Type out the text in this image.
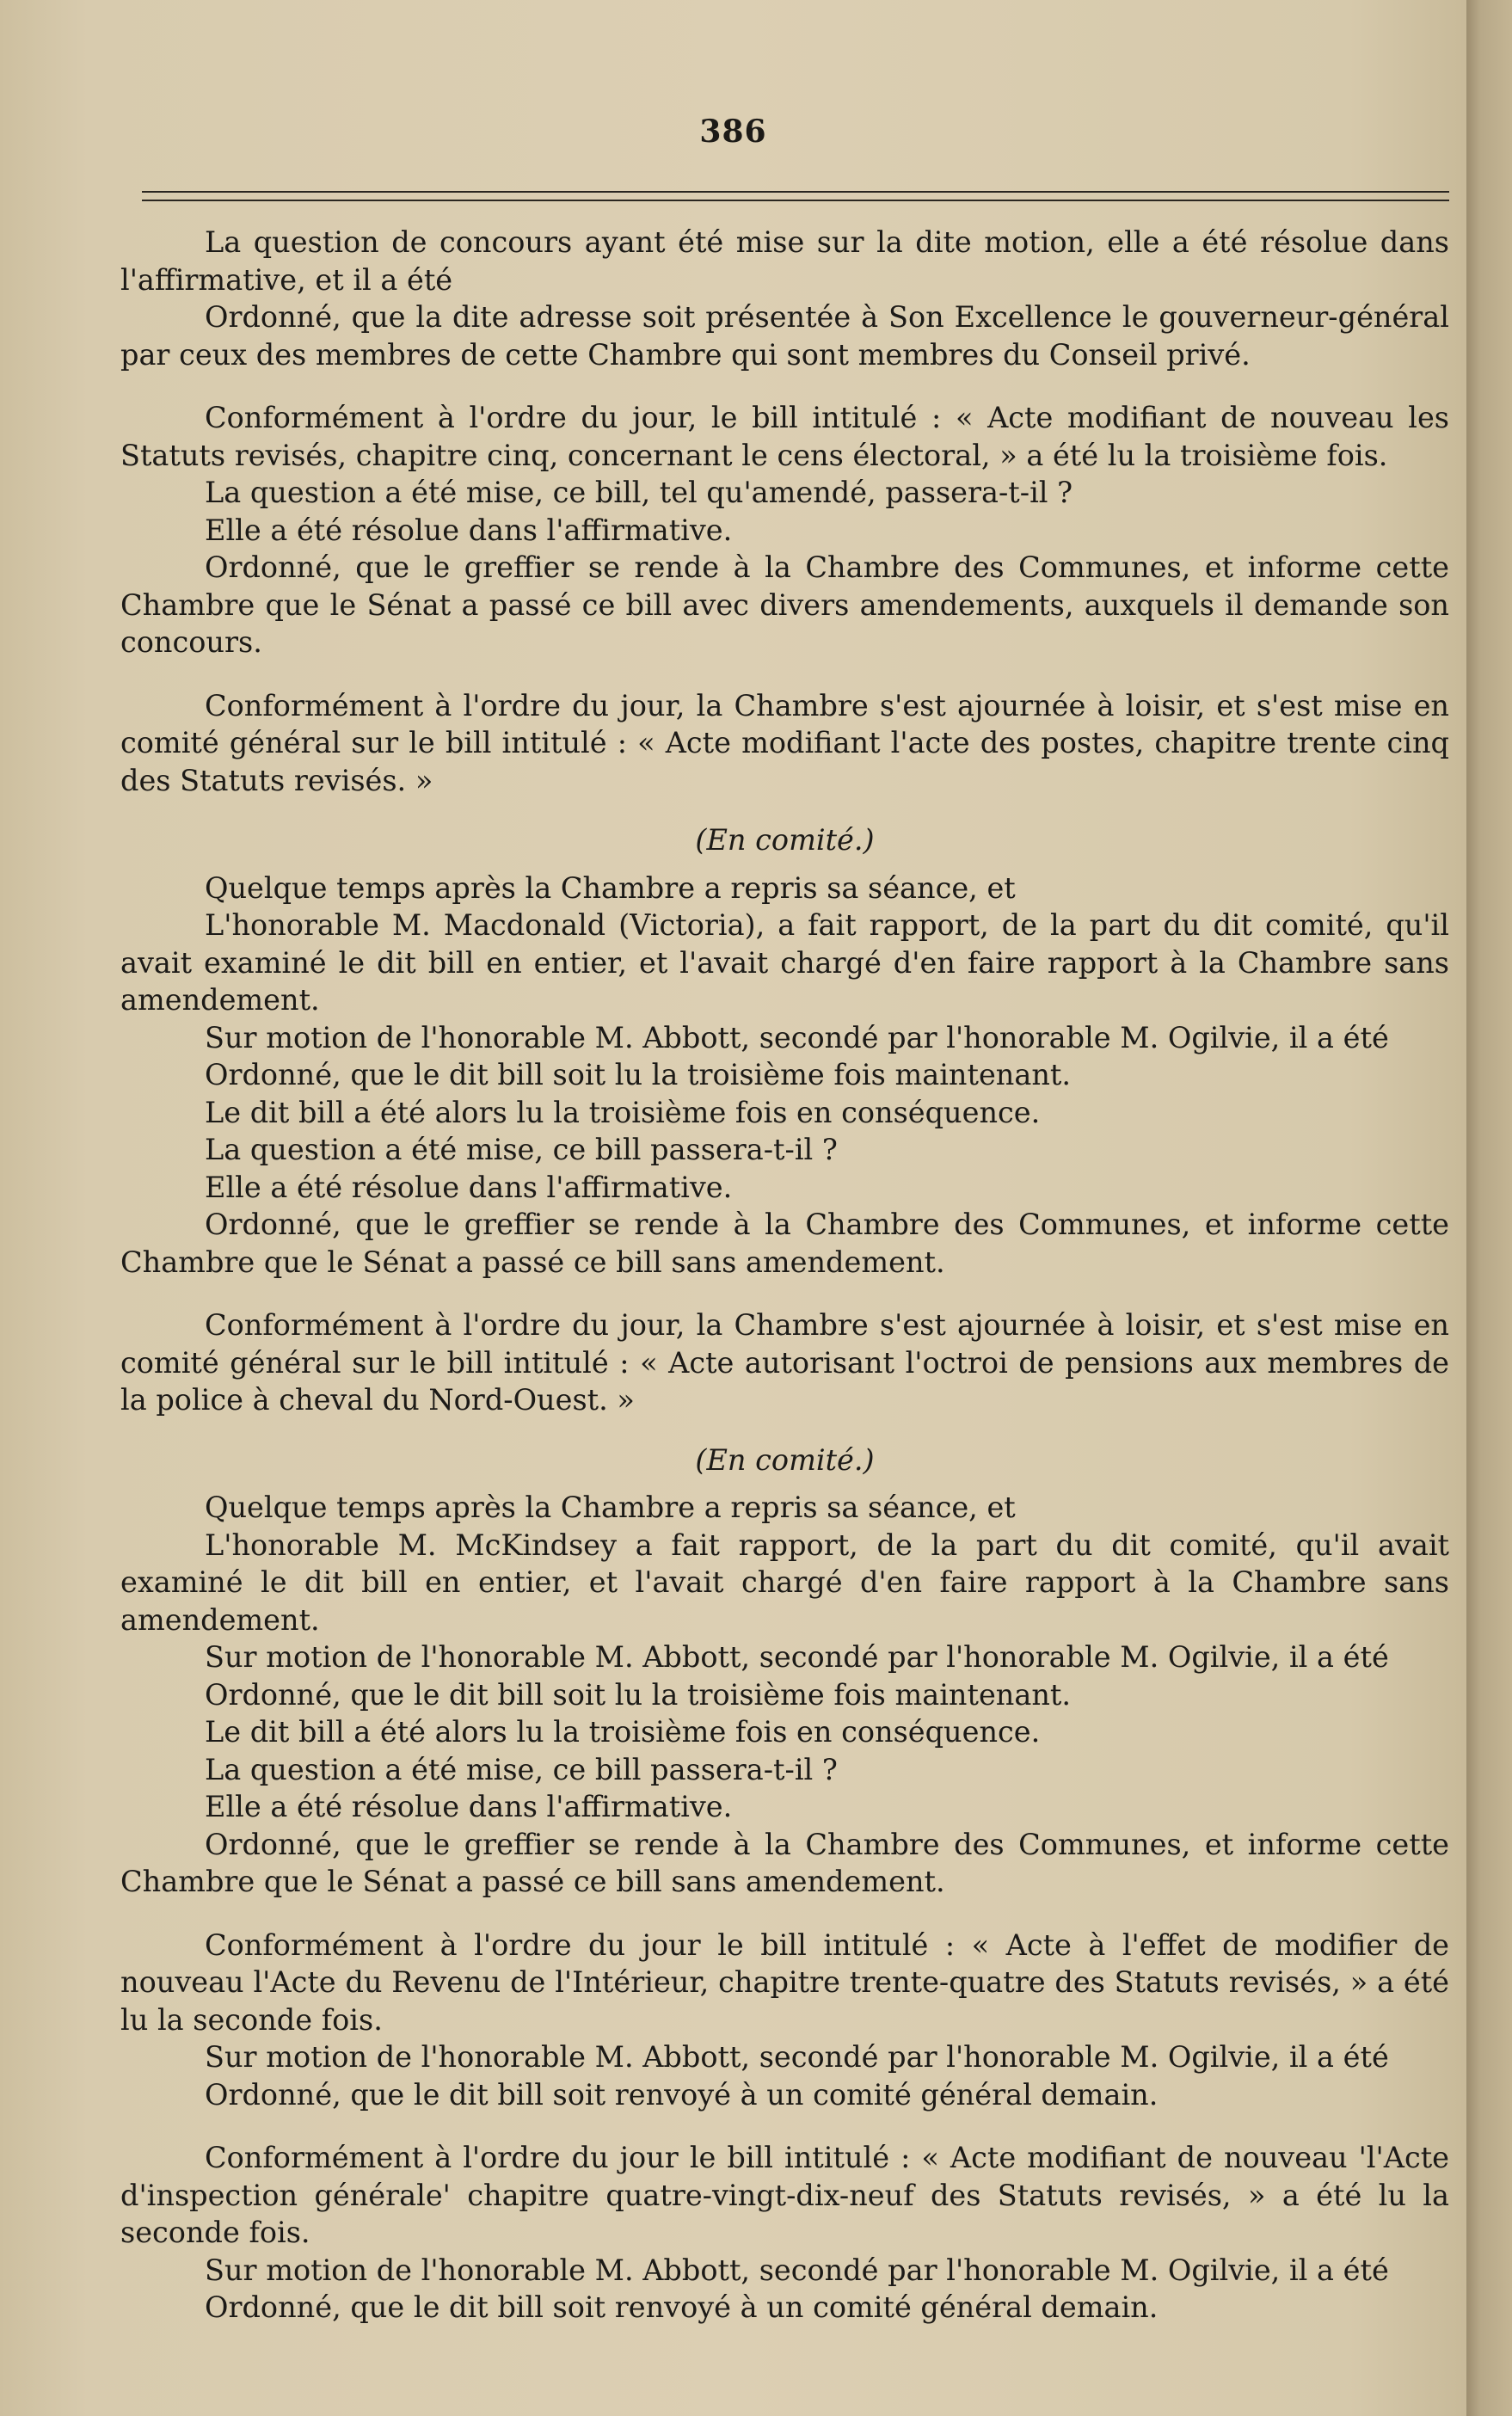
386

La question de concours ayant été mise sur la dite motion, elle a été résolue dans l'affirmative, et il a été

Ordonné, que la dite adresse soit présentée à Son Excellence le gouverneur-général par ceux des membres de cette Chambre qui sont membres du Conseil privé.

Conformément à l'ordre du jour, le bill intitulé : « Acte modifiant de nouveau les Statuts revisés, chapitre cinq, concernant le cens électoral, » a été lu la troisième fois.

La question a été mise, ce bill, tel qu'amendé, passera-t-il ?

Elle a été résolue dans l'affirmative.

Ordonné, que le greffier se rende à la Chambre des Communes, et informe cette Chambre que le Sénat a passé ce bill avec divers amendements, auxquels il demande son concours.

Conformément à l'ordre du jour, la Chambre s'est ajournée à loisir, et s'est mise en comité général sur le bill intitulé : « Acte modifiant l'acte des postes, chapitre trente cinq des Statuts revisés. »

(En comité.)

Quelque temps après la Chambre a repris sa séance, et

L'honorable M. Macdonald (Victoria), a fait rapport, de la part du dit comité, qu'il avait examiné le dit bill en entier, et l'avait chargé d'en faire rapport à la Chambre sans amendement.

Sur motion de l'honorable M. Abbott, secondé par l'honorable M. Ogilvie, il a été

Ordonné, que le dit bill soit lu la troisième fois maintenant.

Le dit bill a été alors lu la troisième fois en conséquence.

La question a été mise, ce bill passera-t-il ?

Elle a été résolue dans l'affirmative.

Ordonné, que le greffier se rende à la Chambre des Communes, et informe cette Chambre que le Sénat a passé ce bill sans amendement.

Conformément à l'ordre du jour, la Chambre s'est ajournée à loisir, et s'est mise en comité général sur le bill intitulé : « Acte autorisant l'octroi de pensions aux membres de la police à cheval du Nord-Ouest. »

(En comité.)

Quelque temps après la Chambre a repris sa séance, et

L'honorable M. McKindsey a fait rapport, de la part du dit comité, qu'il avait examiné le dit bill en entier, et l'avait chargé d'en faire rapport à la Chambre sans amendement.

Sur motion de l'honorable M. Abbott, secondé par l'honorable M. Ogilvie, il a été

Ordonné, que le dit bill soit lu la troisième fois maintenant.

Le dit bill a été alors lu la troisième fois en conséquence.

La question a été mise, ce bill passera-t-il ?

Elle a été résolue dans l'affirmative.

Ordonné, que le greffier se rende à la Chambre des Communes, et informe cette Chambre que le Sénat a passé ce bill sans amendement.

Conformément à l'ordre du jour le bill intitulé : « Acte à l'effet de modifier de nouveau l'Acte du Revenu de l'Intérieur, chapitre trente-quatre des Statuts revisés, » a été lu la seconde fois.

Sur motion de l'honorable M. Abbott, secondé par l'honorable M. Ogilvie, il a été

Ordonné, que le dit bill soit renvoyé à un comité général demain.

Conformément à l'ordre du jour le bill intitulé : « Acte modifiant de nouveau 'l'Acte d'inspection générale' chapitre quatre-vingt-dix-neuf des Statuts revisés, » a été lu la seconde fois.

Sur motion de l'honorable M. Abbott, secondé par l'honorable M. Ogilvie, il a été

Ordonné, que le dit bill soit renvoyé à un comité général demain.
